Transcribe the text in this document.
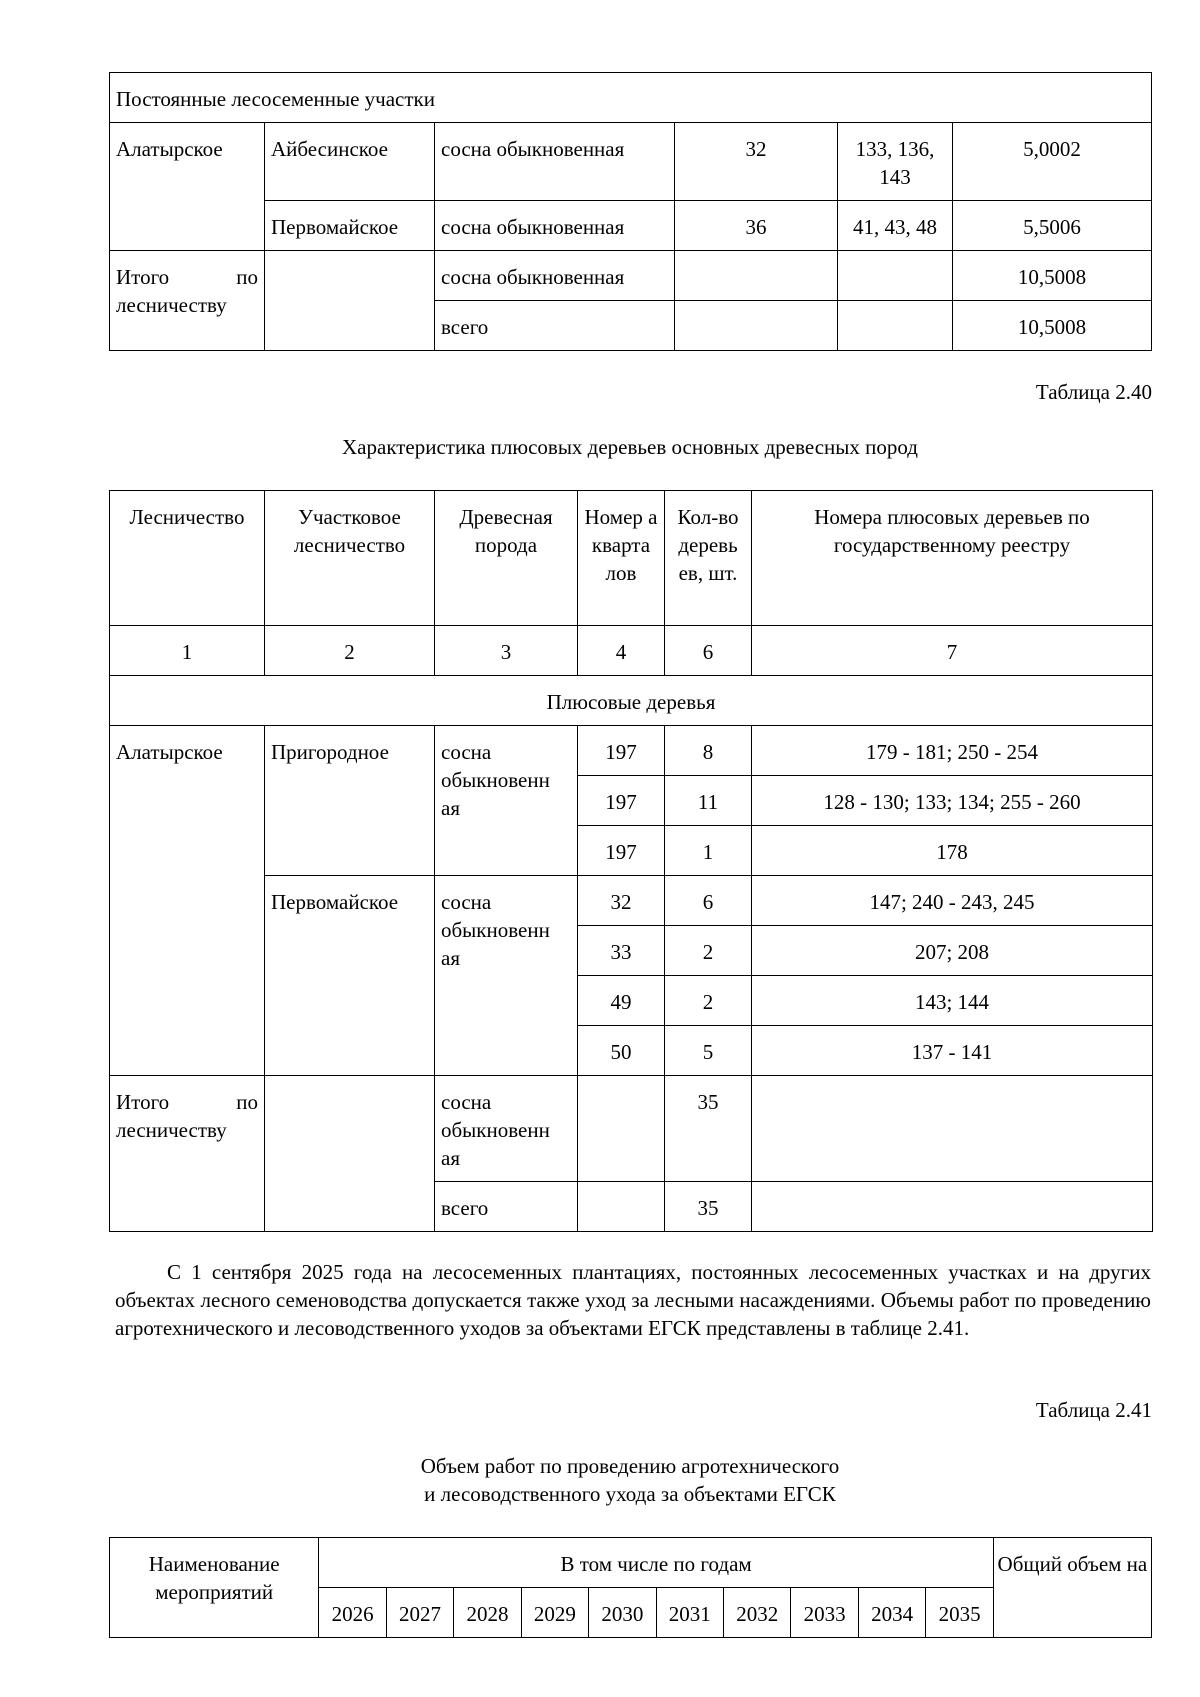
Постоянные лесосеменные участки					
Алатырское	Айбесинское	сосна обыкновенная	32	133, 136, 143	5,0002
	Первомайское	сосна обыкновенная	36	41, 43, 48	5,5006
Итого по лесничеству		сосна обыкновенная			10,5008
		всего			10,5008
Таблица 2.40
Характеристика плюсовых деревьев основных древесных пород
Лесничество	Участковое лесничество	Древесная порода	Номер а кварта лов	Кол-во деревь ев, шт.	Номера плюсовых деревьев по государственному реестру
1	2	3	4	6	7
Плюсовые деревья					
Алатырское	Пригородное	сосна обыкновенн ая	197	8	179 - 181; 250 - 254
			197	11	128 - 130; 133; 134; 255 - 260
			197	1	178
	Первомайское	сосна обыкновенн ая	32	6	147; 240 - 243, 245
			33	2	207; 208
			49	2	143; 144
			50	5	137 - 141
Итого по лесничеству		сосна обыкновенн ая		35	
		всего		35	
С 1 сентября 2025 года на лесосеменных плантациях, постоянных лесосеменных участках и на других объектах лесного семеноводства допускается также уход за лесными насаждениями. Объемы работ по проведению агротехнического и лесоводственного уходов за объектами ЕГСК представлены в таблице 2.41.
Таблица 2.41
Объем работ по проведению агротехнического
и лесоводственного ухода за объектами ЕГСК
Наименование мероприятий	В том числе по годам										Общий объем на
	2026	2027	2028	2029	2030	2031	2032	2033	2034	2035	
